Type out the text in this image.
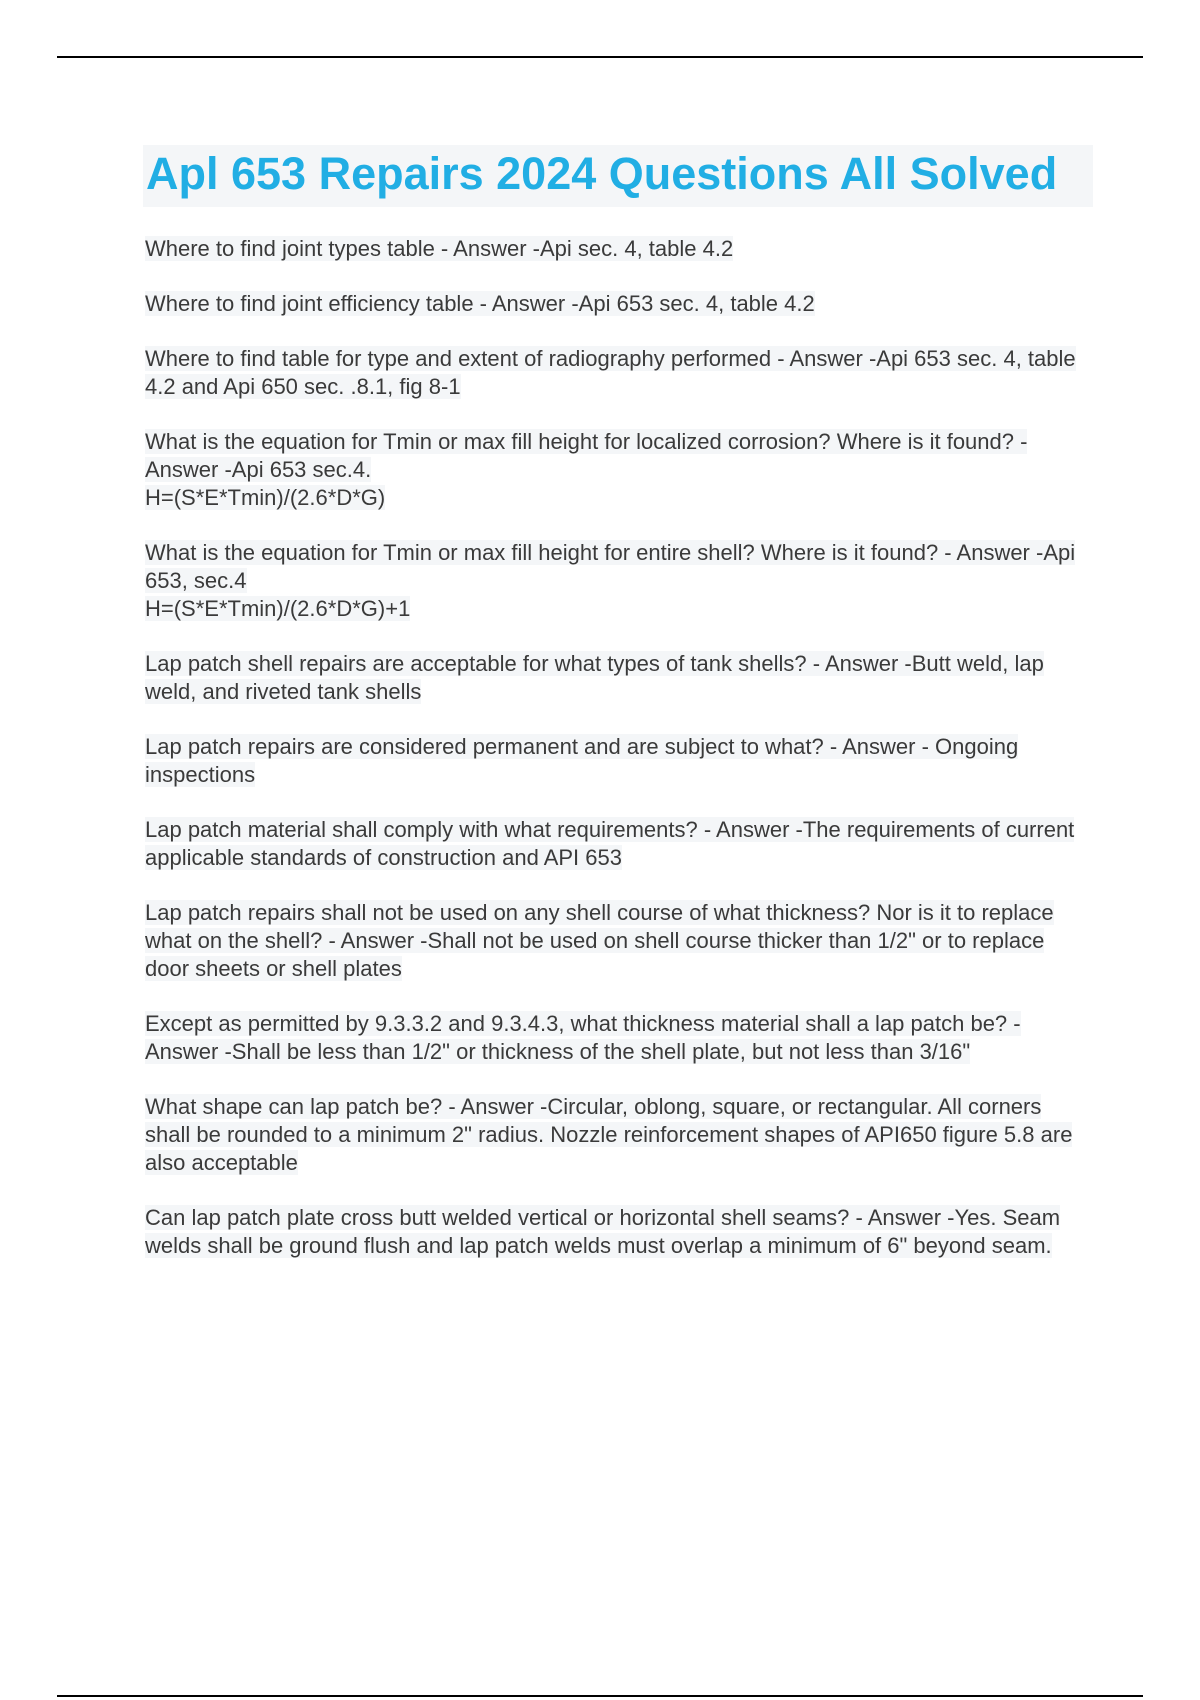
Apl 653 Repairs 2024 Questions All Solved
Where to find joint types table - Answer -Api sec. 4, table 4.2
Where to find joint efficiency table - Answer -Api 653 sec. 4, table 4.2
Where to find table for type and extent of radiography performed - Answer -Api 653 sec. 4, table 4.2 and Api 650 sec. .8.1, fig 8-1
What is the equation for Tmin or max fill height for localized corrosion? Where is it found? - Answer -Api 653 sec.4.
H=(S*E*Tmin)/(2.6*D*G)
What is the equation for Tmin or max fill height for entire shell? Where is it found? - Answer -Api 653, sec.4
H=(S*E*Tmin)/(2.6*D*G)+1
Lap patch shell repairs are acceptable for what types of tank shells? - Answer -Butt weld, lap weld, and riveted tank shells
Lap patch repairs are considered permanent and are subject to what? - Answer - Ongoing inspections
Lap patch material shall comply with what requirements? - Answer -The requirements of current applicable standards of construction and API 653
Lap patch repairs shall not be used on any shell course of what thickness? Nor is it to replace what on the shell? - Answer -Shall not be used on shell course thicker than 1/2" or to replace door sheets or shell plates
Except as permitted by 9.3.3.2 and 9.3.4.3, what thickness material shall a lap patch be? - Answer -Shall be less than 1/2" or thickness of the shell plate, but not less than 3/16"
What shape can lap patch be? - Answer -Circular, oblong, square, or rectangular. All corners shall be rounded to a minimum 2" radius. Nozzle reinforcement shapes of API650 figure 5.8 are also acceptable
Can lap patch plate cross butt welded vertical or horizontal shell seams? - Answer -Yes. Seam welds shall be ground flush and lap patch welds must overlap a minimum of 6" beyond seam.
